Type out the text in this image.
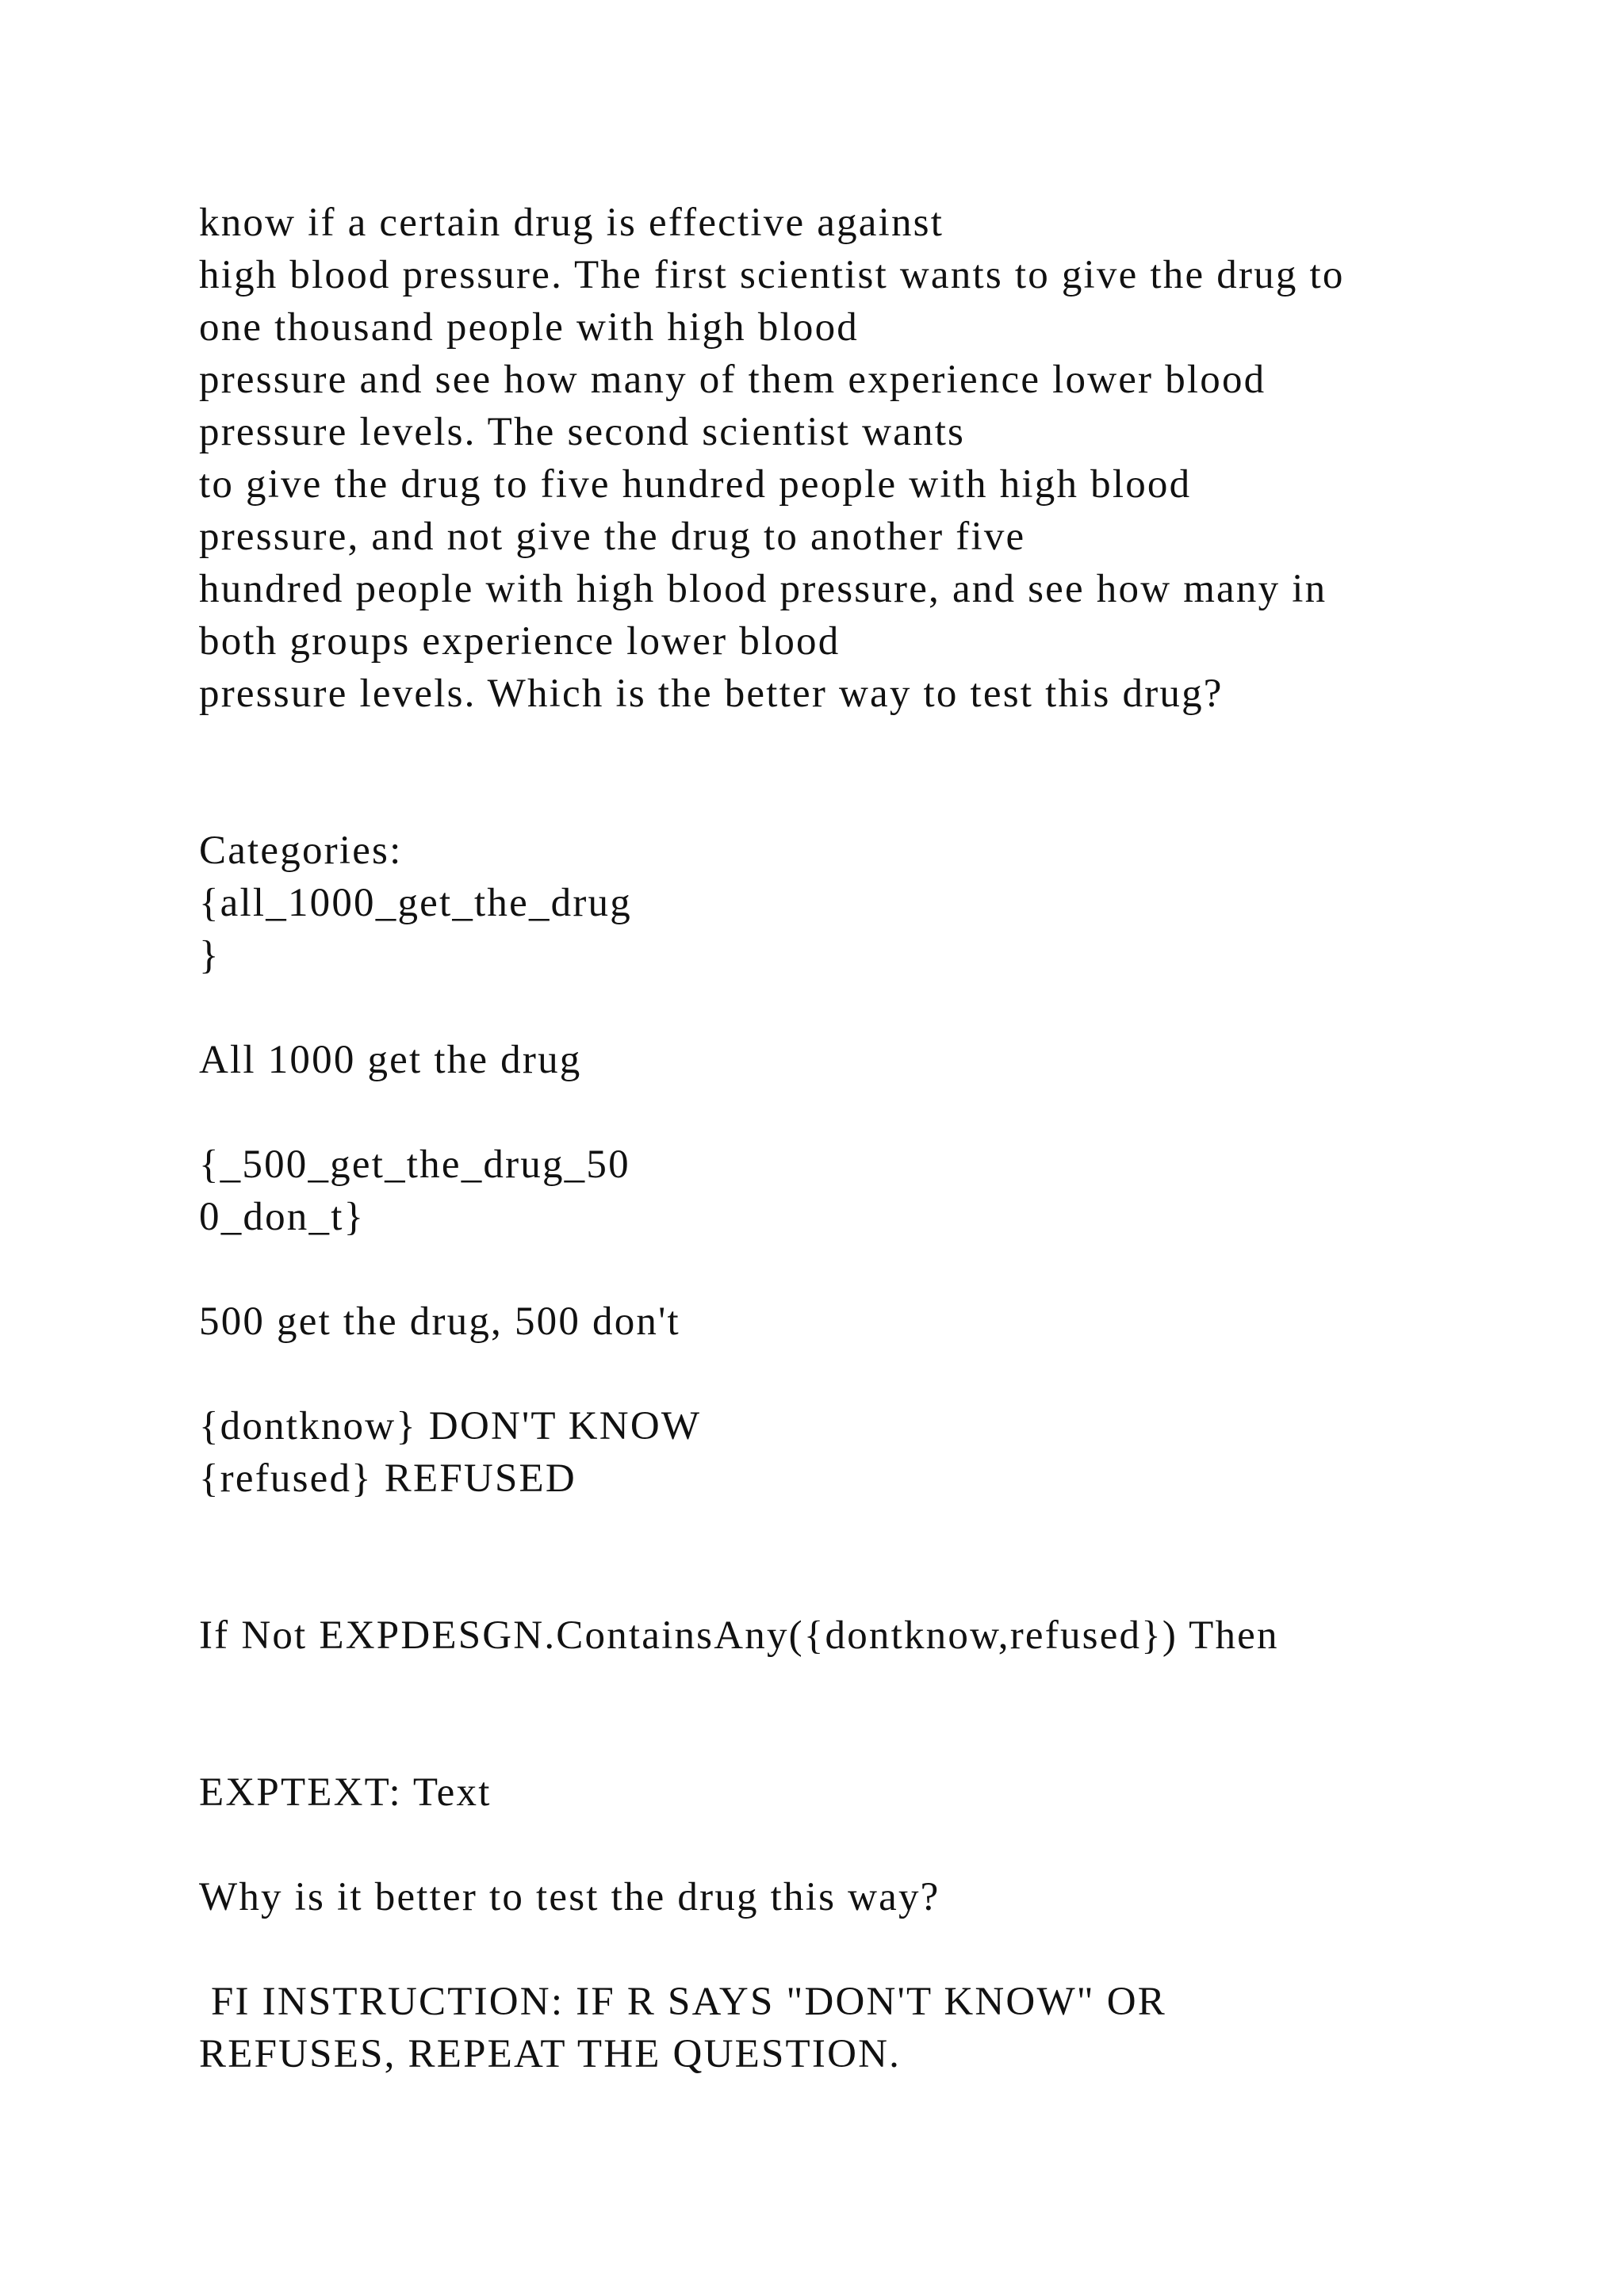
know if a certain drug is effective against

high blood pressure. The first scientist wants to give the drug to

one thousand people with high blood

pressure and see how many of them experience lower blood

pressure levels. The second scientist wants

to give the drug to five hundred people with high blood

pressure, and not give the drug to another five

hundred people with high blood pressure, and see how many in

both groups experience lower blood

pressure levels. Which is the better way to test this drug?

Categories:

{all_1000_get_the_drug

}

All 1000 get the drug

{_500_get_the_drug_50

0_don_t}

500 get the drug, 500 don't

{dontknow} DON'T KNOW

{refused} REFUSED

If Not EXPDESGN.ContainsAny({dontknow,refused}) Then

EXPTEXT: Text

Why is it better to test the drug this way?

FI INSTRUCTION: IF R SAYS "DON'T KNOW" OR

REFUSES, REPEAT THE QUESTION.
